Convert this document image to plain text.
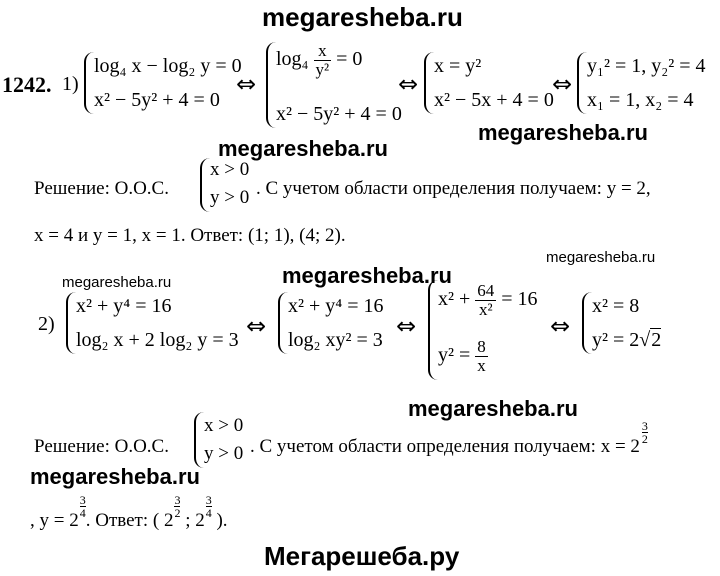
megaresheba.ru
megaresheba.ru
megaresheba.ru
megaresheba.ru
megaresheba.ru
megaresheba.ru
megaresheba.ru
megaresheba.ru
Мегарешеба.ру
1242. 1)
log₄ x − log₂ y = 0
x² − 5y² + 4 = 0
⇔
$\log_4 \frac{x}{\text{y²}} = 0$
x² − 5y² + 4 = 0
⇔
x = y²
x² − 5x + 4 = 0
⇔
y₁² = 1, y₂² = 4
x₁ = 1, x₂ = 4
Решение: О.О.С.
x > 0
y > 0 . С учетом области определения получаем: y = 2,
x = 4 и y = 1, x = 1. Ответ: (1; 1), (4; 2).
2)
x² + y⁴ = 16
log₂ x + 2 log₂ y = 3 ⇔
x² + y⁴ = 16
log₂ xy² = 3 ⇔
$x^2 + \frac{64}{\text{x²}} = 16$
$y^2 = \frac{8}{x}$
⇔
x² = 8
y² = 2√2
Решение: О.О.С.
x > 0
y > 0 . С учетом области определения получаем: x = 2
$\frac{3}{2}$
, y = 2
$\frac{3}{4}$
. Ответ: ( 2
$\frac{3}{2}$
; 2
$\frac{3}{4}$
).
